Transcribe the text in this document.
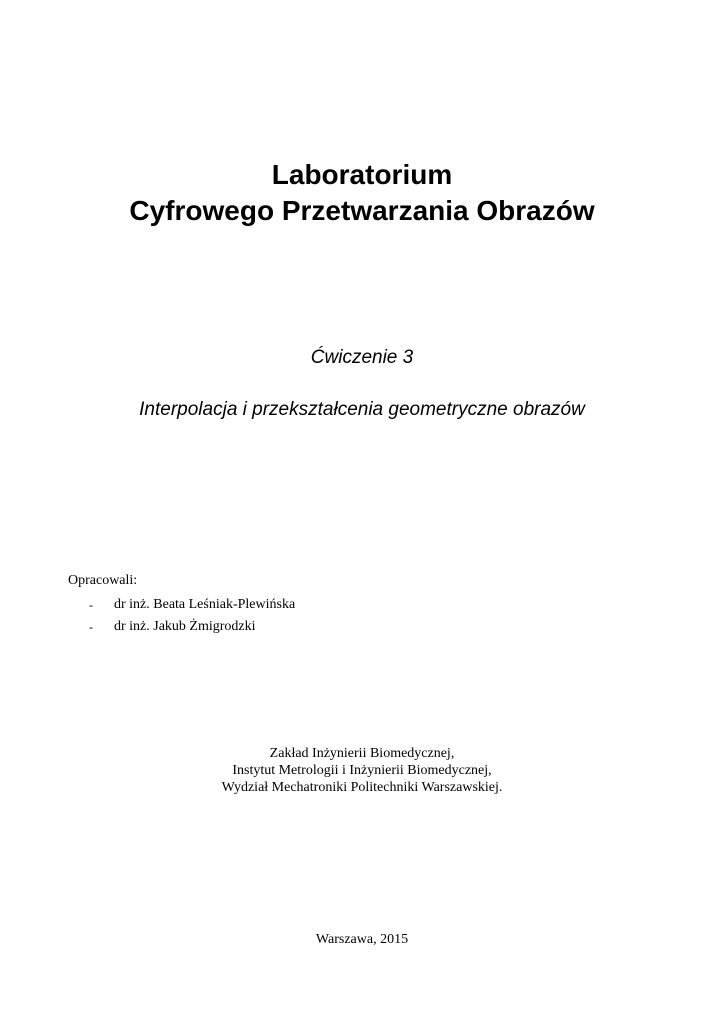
Laboratorium
Cyfrowego Przetwarzania Obrazów
Ćwiczenie 3
Interpolacja i przekształcenia geometryczne obrazów
Opracowali:
- dr inż. Beata Leśniak-Plewińska
- dr inż. Jakub Żmigrodzki
Zakład Inżynierii Biomedycznej,
Instytut Metrologii i Inżynierii Biomedycznej,
Wydział Mechatroniki Politechniki Warszawskiej.
Warszawa, 2015
